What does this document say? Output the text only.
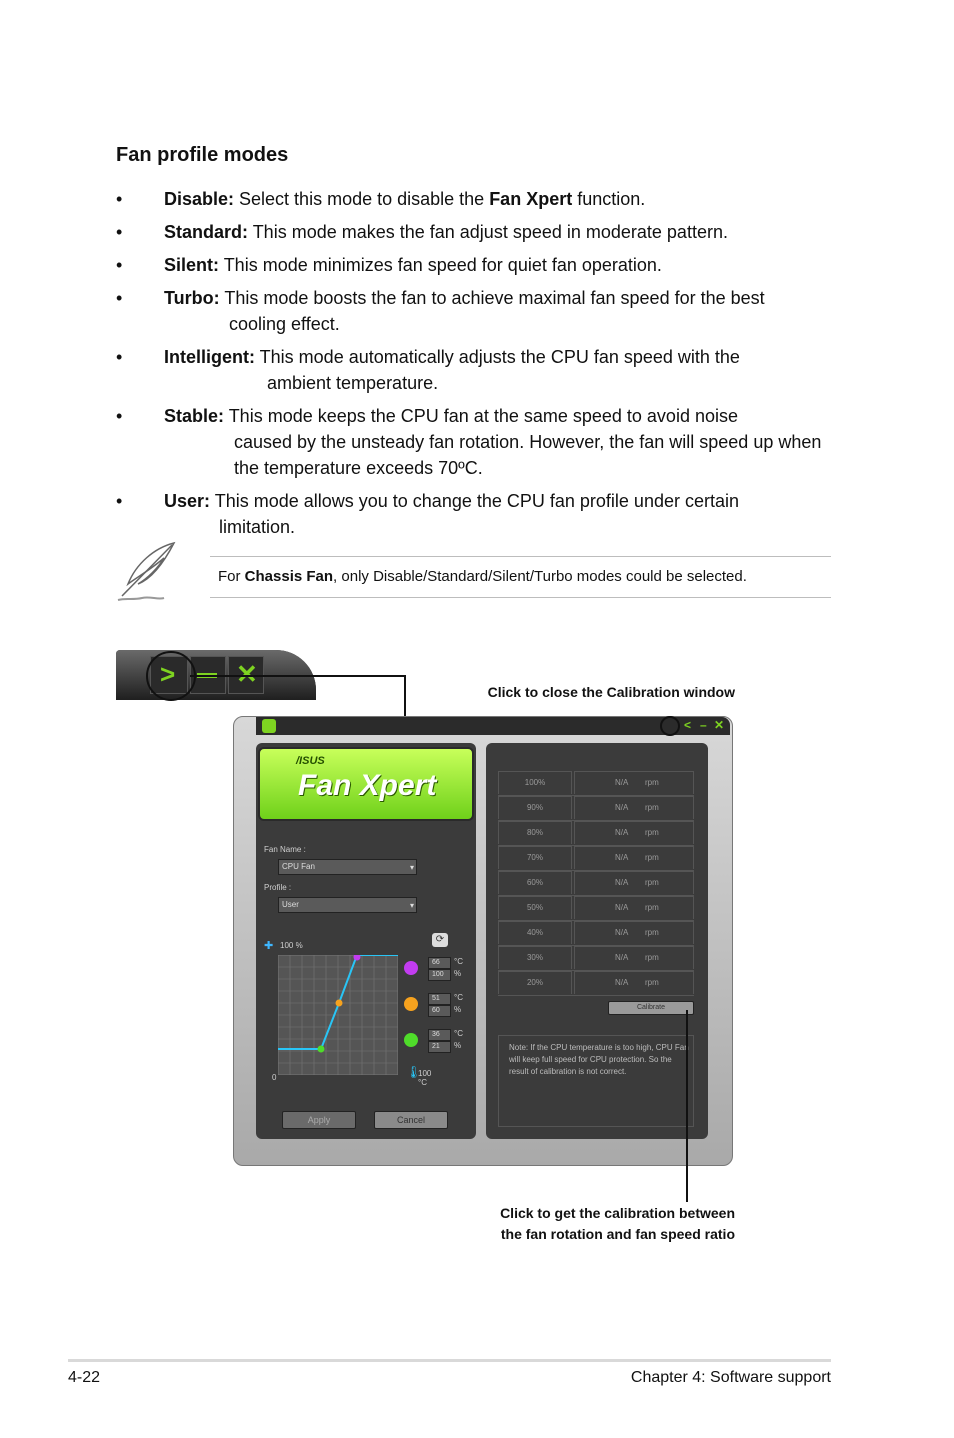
Fan profile modes
• Disable: Select this mode to disable the Fan Xpert function.
• Standard: This mode makes the fan adjust speed in moderate pattern.
• Silent: This mode minimizes fan speed for quiet fan operation.
• Turbo: This mode boosts the fan to achieve maximal fan speed for the best
cooling effect.
• Intelligent: This mode automatically adjusts the CPU fan speed with the
ambient temperature.
• Stable: This mode keeps the CPU fan at the same speed to avoid noise
caused by the unsteady fan rotation. However, the fan will speed up when the temperature exceeds 70ºC.
• User: This mode allows you to change the CPU fan profile under certain
limitation.
For Chassis Fan, only Disable/Standard/Silent/Turbo modes could be selected.
> ✕
Click to close the Calibration window
Click to get the calibration between
the fan rotation and fan speed ratio
< – ✕
/ISUS
Fan Xpert
Fan Name :
CPU Fan	▾
Profile :
User	▾
✚ 100 %
⟳
0
66
100
°C
%
51
60
°C
%
36
21
°C
%
🌡
100 °C
Apply	Cancel
100%	N/A rpm
90%	N/A rpm
80%	N/A rpm
70%	N/A rpm
60%	N/A rpm
50%	N/A rpm
40%	N/A rpm
30%	N/A rpm
20%	N/A rpm
Calibrate
Note: If the CPU temperature is too high, CPU Fan will keep full speed for CPU protection. So the result of calibration is not correct.
4-22	Chapter 4: Software support
